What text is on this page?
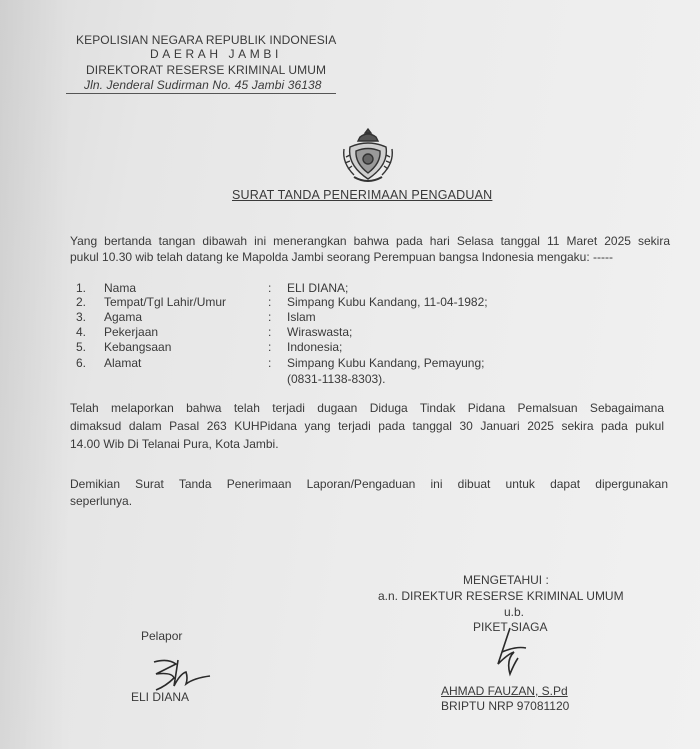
KEPOLISIAN NEGARA REPUBLIK INDONESIA
DAERAH JAMBI
DIREKTORAT RESERSE KRIMINAL UMUM
Jln. Jenderal Sudirman No. 45 Jambi 36138
SURAT TANDA PENERIMAAN PENGADUAN
Yang bertanda tangan dibawah ini menerangkan bahwa pada hari Selasa tanggal 11 Maret 2025 sekira
pukul 10.30 wib telah datang ke Mapolda Jambi seorang Perempuan bangsa Indonesia mengaku: -----
1. Nama	: ELI DIANA;
2. Tempat/Tgl Lahir/Umur	: Simpang Kubu Kandang, 11-04-1982;
3. Agama	: Islam
4. Pekerjaan	: Wiraswasta;
5. Kebangsaan	: Indonesia;
6. Alamat	: Simpang Kubu Kandang, Pemayung;
(0831-1138-8303).
Telah melaporkan bahwa telah terjadi dugaan Diduga Tindak Pidana Pemalsuan Sebagaimana
dimaksud dalam Pasal 263 KUHPidana yang terjadi pada tanggal 30 Januari 2025 sekira pada pukul
14.00 Wib Di Telanai Pura, Kota Jambi.
Demikian Surat Tanda Penerimaan Laporan/Pengaduan ini dibuat untuk dapat dipergunakan
seperlunya.
MENGETAHUI :
a.n. DIREKTUR RESERSE KRIMINAL UMUM
u.b.
PIKET SIAGA
AHMAD FAUZAN, S.Pd
BRIPTU NRP 97081120
Pelapor
ELI DIANA
